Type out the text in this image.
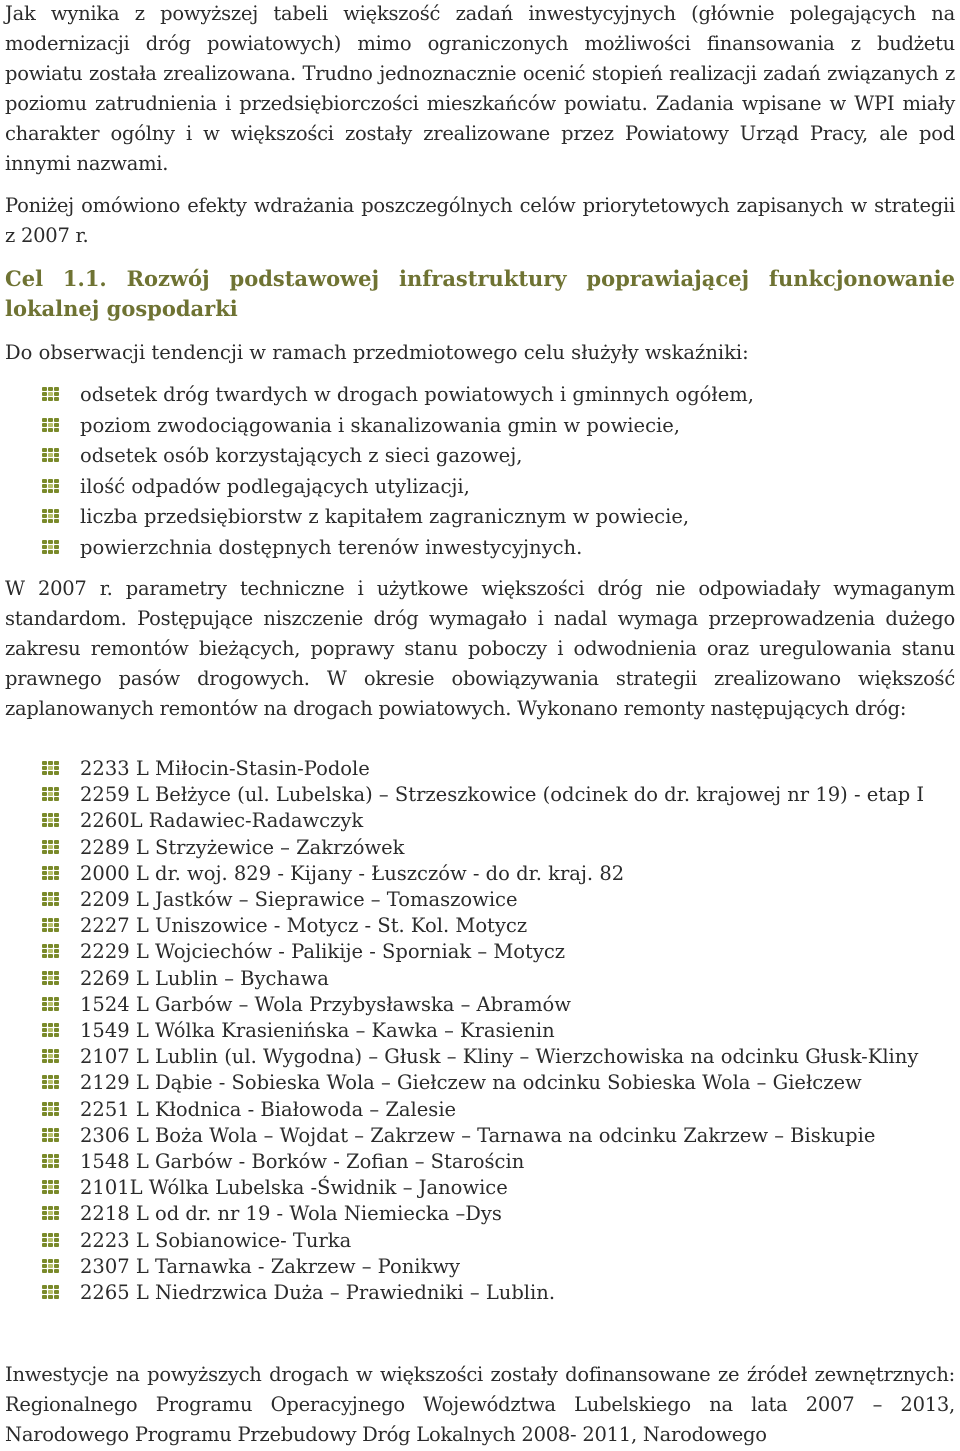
Jak wynika z powyższej tabeli większość zadań inwestycyjnych (głównie polegających na modernizacji dróg powiatowych) mimo ograniczonych możliwości finansowania z budżetu powiatu została zrealizowana. Trudno jednoznacznie ocenić stopień realizacji zadań związanych z poziomu zatrudnienia i przedsiębiorczości mieszkańców powiatu. Zadania wpisane w WPI miały charakter ogólny i w większości zostały zrealizowane przez Powiatowy Urząd Pracy, ale pod innymi nazwami.

Poniżej omówiono efekty wdrażania poszczególnych celów priorytetowych zapisanych w strategii z 2007 r.

Cel 1.1. Rozwój podstawowej infrastruktury poprawiającej funkcjonowanie lokalnej gospodarki

Do obserwacji tendencji w ramach przedmiotowego celu służyły wskaźniki:

odsetek dróg twardych w drogach powiatowych i gminnych ogółem,
poziom zwodociągowania i skanalizowania gmin w powiecie,
odsetek osób korzystających z sieci gazowej,
ilość odpadów podlegających utylizacji,
liczba przedsiębiorstw z kapitałem zagranicznym w powiecie,
powierzchnia dostępnych terenów inwestycyjnych.

W 2007 r. parametry techniczne i użytkowe większości dróg nie odpowiadały wymaganym standardom. Postępujące niszczenie dróg wymagało i nadal wymaga przeprowadzenia dużego zakresu remontów bieżących, poprawy stanu poboczy i odwodnienia oraz uregulowania stanu prawnego pasów drogowych. W okresie obowiązywania strategii zrealizowano większość zaplanowanych remontów na drogach powiatowych. Wykonano remonty następujących dróg:

2233 L Miłocin-Stasin-Podole
2259 L Bełżyce (ul. Lubelska) – Strzeszkowice (odcinek do dr. krajowej nr 19) - etap I
2260L Radawiec-Radawczyk
2289 L Strzyżewice – Zakrzówek
2000 L dr. woj. 829 - Kijany - Łuszczów - do dr. kraj. 82
2209 L Jastków – Sieprawice – Tomaszowice
2227 L Uniszowice - Motycz - St. Kol. Motycz
2229 L Wojciechów - Palikije - Sporniak – Motycz
2269 L Lublin – Bychawa
1524 L Garbów – Wola Przybysławska – Abramów
1549 L Wólka Krasienińska – Kawka – Krasienin
2107 L Lublin (ul. Wygodna) – Głusk – Kliny – Wierzchowiska na odcinku Głusk-Kliny
2129 L Dąbie - Sobieska Wola – Giełczew na odcinku Sobieska Wola – Giełczew
2251 L Kłodnica - Białowoda – Zalesie
2306 L Boża Wola – Wojdat – Zakrzew – Tarnawa na odcinku Zakrzew – Biskupie
1548 L Garbów - Borków - Zofian – Starościn
2101L Wólka Lubelska -Świdnik – Janowice
2218 L od dr. nr 19 - Wola Niemiecka –Dys
2223 L Sobianowice- Turka
2307 L Tarnawka - Zakrzew – Ponikwy
2265 L Niedrzwica Duża – Prawiedniki – Lublin.

Inwestycje na powyższych drogach w większości zostały dofinansowane ze źródeł zewnętrznych: Regionalnego Programu Operacyjnego Województwa Lubelskiego na lata 2007 – 2013, Narodowego Programu Przebudowy Dróg Lokalnych 2008- 2011, Narodowego
